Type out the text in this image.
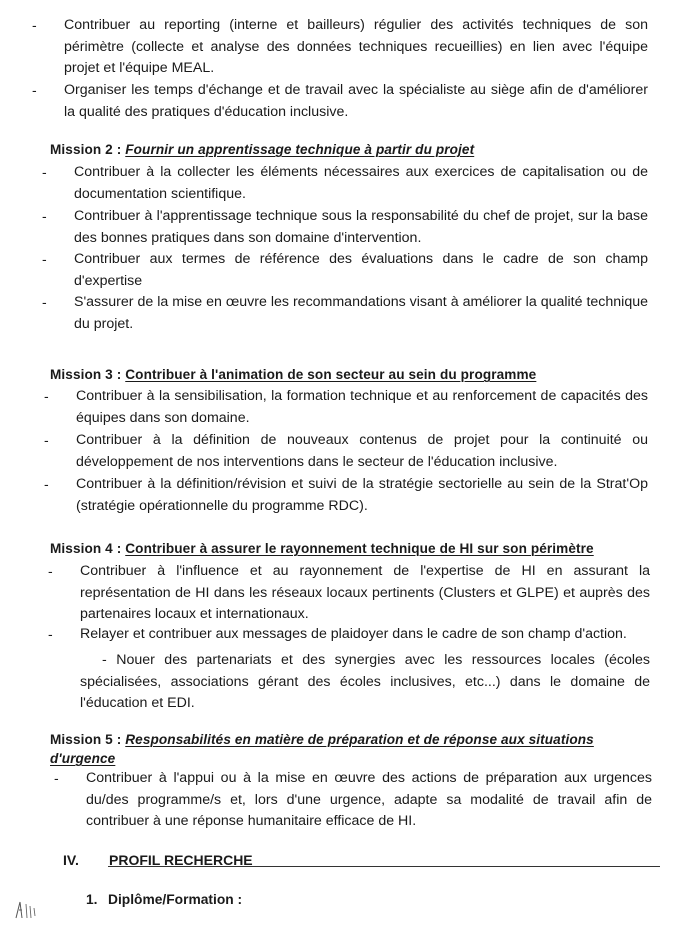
- Contribuer au reporting (interne et bailleurs) régulier des activités techniques de son périmètre (collecte et analyse des données techniques recueillies) en lien avec l'équipe projet et l'équipe MEAL.
- Organiser les temps d'échange et de travail avec la spécialiste au siège afin de d'améliorer la qualité des pratiques d'éducation inclusive.
Mission 2 : Fournir un apprentissage technique à partir du projet
- Contribuer à la collecter les éléments nécessaires aux exercices de capitalisation ou de documentation scientifique.
- Contribuer à l'apprentissage technique sous la responsabilité du chef de projet, sur la base des bonnes pratiques dans son domaine d'intervention.
- Contribuer aux termes de référence des évaluations dans le cadre de son champ d'expertise
- S'assurer de la mise en œuvre les recommandations visant à améliorer la qualité technique du projet.
Mission 3 : Contribuer à l'animation de son secteur au sein du programme
- Contribuer à la sensibilisation, la formation technique et au renforcement de capacités des équipes dans son domaine.
- Contribuer à la définition de nouveaux contenus de projet pour la continuité ou développement de nos interventions dans le secteur de l'éducation inclusive.
- Contribuer à la définition/révision et suivi de la stratégie sectorielle au sein de la Strat'Op (stratégie opérationnelle du programme RDC).
Mission 4 : Contribuer à assurer le rayonnement technique de HI sur son périmètre
- Contribuer à l'influence et au rayonnement de l'expertise de HI en assurant la représentation de HI dans les réseaux locaux pertinents (Clusters et GLPE) et auprès des partenaires locaux et internationaux.
- Relayer et contribuer aux messages de plaidoyer dans le cadre de son champ d'action.
- Nouer des partenariats et des synergies avec les ressources locales (écoles spécialisées, associations gérant des écoles inclusives, etc...) dans le domaine de l'éducation et EDI.
Mission 5 : Responsabilités en matière de préparation et de réponse aux situations d'urgence
- Contribuer à l'appui ou à la mise en œuvre des actions de préparation aux urgences du/des programme/s et, lors d'une urgence, adapte sa modalité de travail afin de contribuer à une réponse humanitaire efficace de HI.
IV. PROFIL RECHERCHE
1. Diplôme/Formation :
